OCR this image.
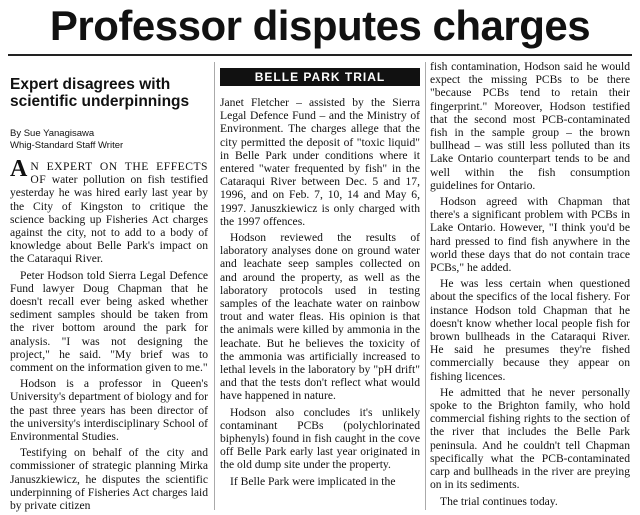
Professor disputes charges
Expert disagrees with scientific underpinnings
By Sue Yanagisawa
Whig-Standard Staff Writer

A N EXPERT ON THE EFFECTS OF water pollution on fish testified yesterday he was hired early last year by the City of Kingston to critique the science backing up Fisheries Act charges against the city, not to add to a body of knowledge about Belle Park's impact on the Cataraqui River.

Peter Hodson told Sierra Legal Defence Fund lawyer Doug Chapman that he doesn't recall ever being asked whether sediment samples should be taken from the river bottom around the park for analysis. "I was not designing the project," he said. "My brief was to comment on the information given to me."

Hodson is a professor in Queen's University's department of biology and for the past three years has been director of the university's interdisciplinary School of Environmental Studies.

Testifying on behalf of the city and commissioner of strategic planning Mirka Januszkiewicz, he disputes the scientific underpinning of Fisheries Act charges laid by private citizen

BELLE PARK TRIAL

Janet Fletcher – assisted by the Sierra Legal Defence Fund – and the Ministry of Environment. The charges allege that the city permitted the deposit of "toxic liquid" in Belle Park under conditions where it entered "water frequented by fish" in the Cataraqui River between Dec. 5 and 17, 1996, and on Feb. 7, 10, 14 and May 6, 1997. Januszkiewicz is only charged with the 1997 offences.

Hodson reviewed the results of laboratory analyses done on ground water and leachate seep samples collected on and around the property, as well as the laboratory protocols used in testing samples of the leachate water on rainbow trout and water fleas. His opinion is that the animals were killed by ammonia in the leachate. But he believes the toxicity of the ammonia was artificially increased to lethal levels in the laboratory by "pH drift" and that the tests don't reflect what would have happened in nature.

Hodson also concludes it's unlikely contaminant PCBs (polychlorinated biphenyls) found in fish caught in the cove off Belle Park early last year originated in the old dump site under the property.

If Belle Park were implicated in the

fish contamination, Hodson said he would expect the missing PCBs to be there "because PCBs tend to retain their fingerprint." Moreover, Hodson testified that the second most PCB-contaminated fish in the sample group – the brown bullhead – was still less polluted than its Lake Ontario counterpart tends to be and well within the fish consumption guidelines for Ontario.

Hodson agreed with Chapman that there's a significant problem with PCBs in Lake Ontario. However, "I think you'd be hard pressed to find fish anywhere in the world these days that do not contain trace PCBs," he added.

He was less certain when questioned about the specifics of the local fishery. For instance Hodson told Chapman that he doesn't know whether local people fish for brown bullheads in the Cataraqui River. He said he presumes they're fished commercially because they appear on fishing licences.

He admitted that he never personally spoke to the Brighton family, who hold commercial fishing rights to the section of the river that includes the Belle Park peninsula. And he couldn't tell Chapman specifically what the PCB-contaminated carp and bullheads in the river are preying on in its sediments.

The trial continues today.
